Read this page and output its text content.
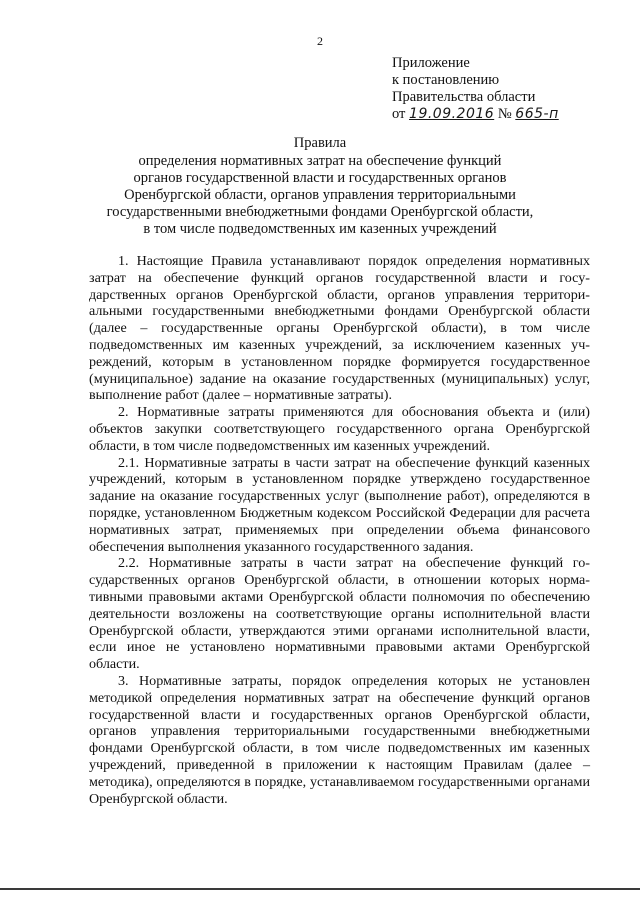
2
Приложение
к постановлению
Правительства области
от 19.09.2016 № 665-п
Правила
определения нормативных затрат на обеспечение функций
органов государственной власти и государственных органов
Оренбургской области, органов управления территориальными
государственными внебюджетными фондами Оренбургской области,
в том числе подведомственных им казенных учреждений

1. Настоящие Правила устанавливают порядок определения нормативных затрат на обеспечение функций органов государственной власти и государственных органов Оренбургской области, органов управления территориальными государственными внебюджетными фондами Оренбургской области (далее – государственные органы Оренбургской области), в том числе подведомственных им казенных учреждений, за исключением казенных учреждений, которым в установленном порядке формируется государственное (муниципальное) задание на оказание государственных (муниципальных) услуг, выполнение работ (далее – нормативные затраты).

2. Нормативные затраты применяются для обоснования объекта и (или) объектов закупки соответствующего государственного органа Оренбургской области, в том числе подведомственных им казенных учреждений.

2.1. Нормативные затраты в части затрат на обеспечение функций казенных учреждений, которым в установленном порядке утверждено государственное задание на оказание государственных услуг (выполнение работ), определяются в порядке, установленном Бюджетным кодексом Российской Федерации для расчета нормативных затрат, применяемых при определении объема финансового обеспечения выполнения указанного государственного задания.

2.2. Нормативные затраты в части затрат на обеспечение функций государственных органов Оренбургской области, в отношении которых нормативными правовыми актами Оренбургской области полномочия по обеспечению деятельности возложены на соответствующие органы исполнительной власти Оренбургской области, утверждаются этими органами исполнительной власти, если иное не установлено нормативными правовыми актами Оренбургской области.

3. Нормативные затраты, порядок определения которых не установлен методикой определения нормативных затрат на обеспечение функций органов государственной власти и государственных органов Оренбургской области, органов управления территориальными государственными внебюджетными фондами Оренбургской области, в том числе подведомственных им казенных учреждений, приведенной в приложении к настоящим Правилам (далее – методика), определяются в порядке, устанавливаемом государственными органами Оренбургской области.
